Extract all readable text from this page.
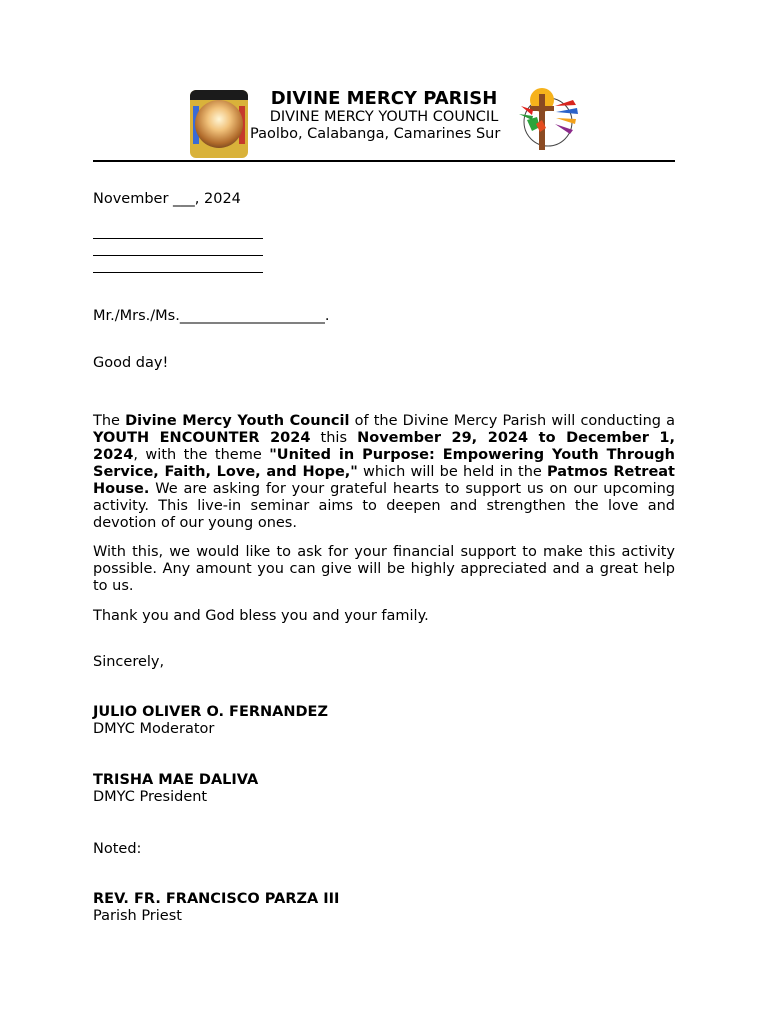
DIVINE MERCY PARISH
DIVINE MERCY YOUTH COUNCIL
Paolbo, Calabanga, Camarines Sur
November ___, 2024
Mr./Mrs./Ms.____________________.
Good day!
The Divine Mercy Youth Council of the Divine Mercy Parish will conducting a YOUTH ENCOUNTER 2024 this November 29, 2024 to December 1, 2024, with the theme "United in Purpose: Empowering Youth Through Service, Faith, Love, and Hope," which will be held in the Patmos Retreat House. We are asking for your grateful hearts to support us on our upcoming activity. This live-in seminar aims to deepen and strengthen the love and devotion of our young ones.
With this, we would like to ask for your financial support to make this activity possible. Any amount you can give will be highly appreciated and a great help to us.
Thank you and God bless you and your family.
Sincerely,
JULIO OLIVER O. FERNANDEZ
DMYC Moderator
TRISHA MAE DALIVA
DMYC President
Noted:
REV. FR. FRANCISCO PARZA III
Parish Priest
